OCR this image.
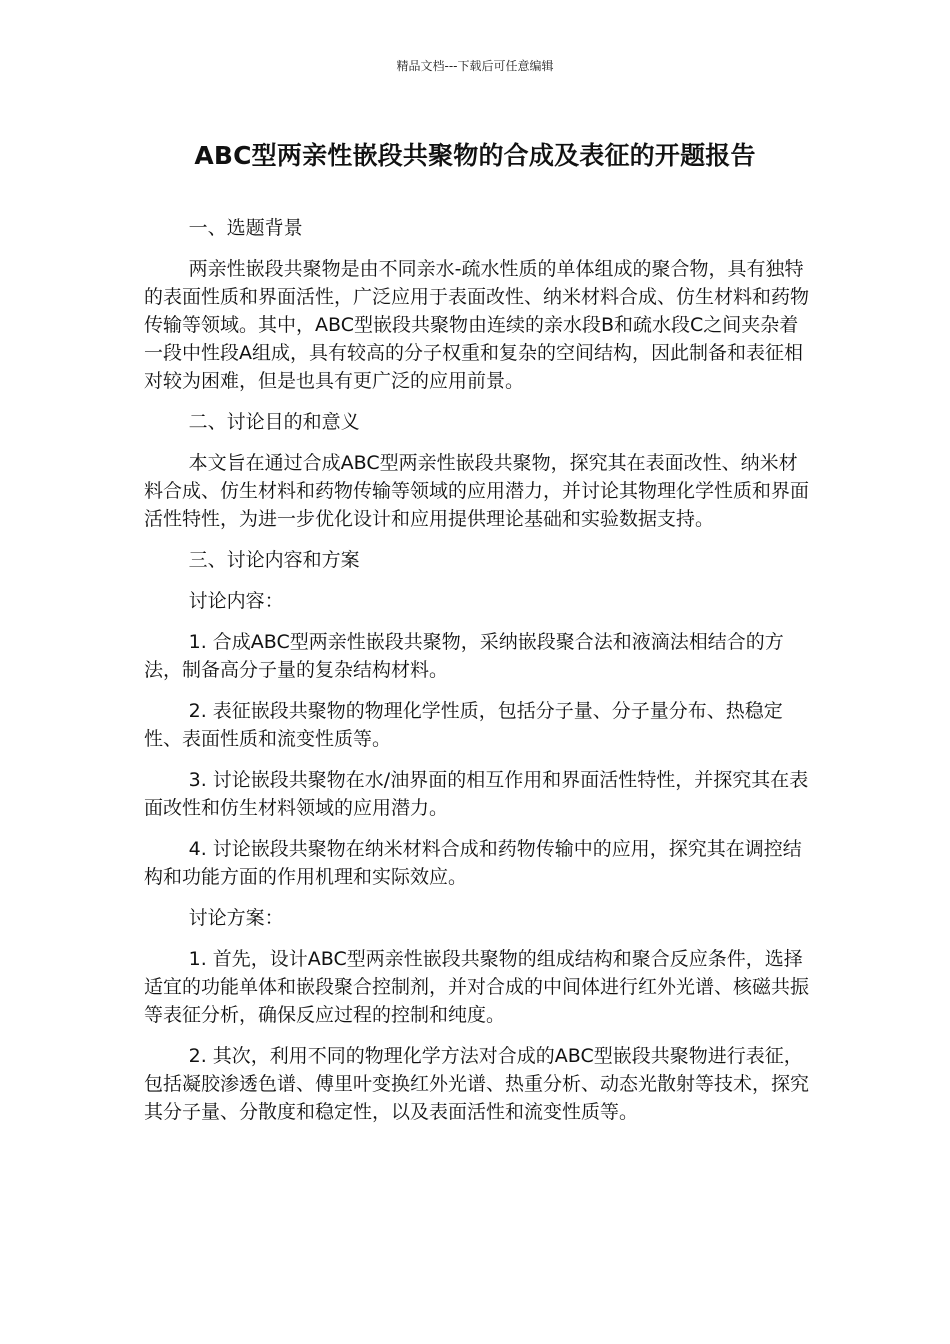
精品文档---下载后可任意编辑
ABC型两亲性嵌段共聚物的合成及表征的开题报告

一、选题背景

两亲性嵌段共聚物是由不同亲水-疏水性质的单体组成的聚合物，具有独特的表面性质和界面活性，广泛应用于表面改性、纳米材料合成、仿生材料和药物传输等领域。其中，ABC型嵌段共聚物由连续的亲水段B和疏水段C之间夹杂着一段中性段A组成，具有较高的分子权重和复杂的空间结构，因此制备和表征相对较为困难，但是也具有更广泛的应用前景。

二、讨论目的和意义

本文旨在通过合成ABC型两亲性嵌段共聚物，探究其在表面改性、纳米材料合成、仿生材料和药物传输等领域的应用潜力，并讨论其物理化学性质和界面活性特性，为进一步优化设计和应用提供理论基础和实验数据支持。

三、讨论内容和方案

讨论内容：

1. 合成ABC型两亲性嵌段共聚物，采纳嵌段聚合法和液滴法相结合的方法，制备高分子量的复杂结构材料。

2. 表征嵌段共聚物的物理化学性质，包括分子量、分子量分布、热稳定性、表面性质和流变性质等。

3. 讨论嵌段共聚物在水/油界面的相互作用和界面活性特性，并探究其在表面改性和仿生材料领域的应用潜力。

4. 讨论嵌段共聚物在纳米材料合成和药物传输中的应用，探究其在调控结构和功能方面的作用机理和实际效应。

讨论方案：

1. 首先，设计ABC型两亲性嵌段共聚物的组成结构和聚合反应条件，选择适宜的功能单体和嵌段聚合控制剂，并对合成的中间体进行红外光谱、核磁共振等表征分析，确保反应过程的控制和纯度。

2. 其次，利用不同的物理化学方法对合成的ABC型嵌段共聚物进行表征，包括凝胶渗透色谱、傅里叶变换红外光谱、热重分析、动态光散射等技术，探究其分子量、分散度和稳定性，以及表面活性和流变性质等。
